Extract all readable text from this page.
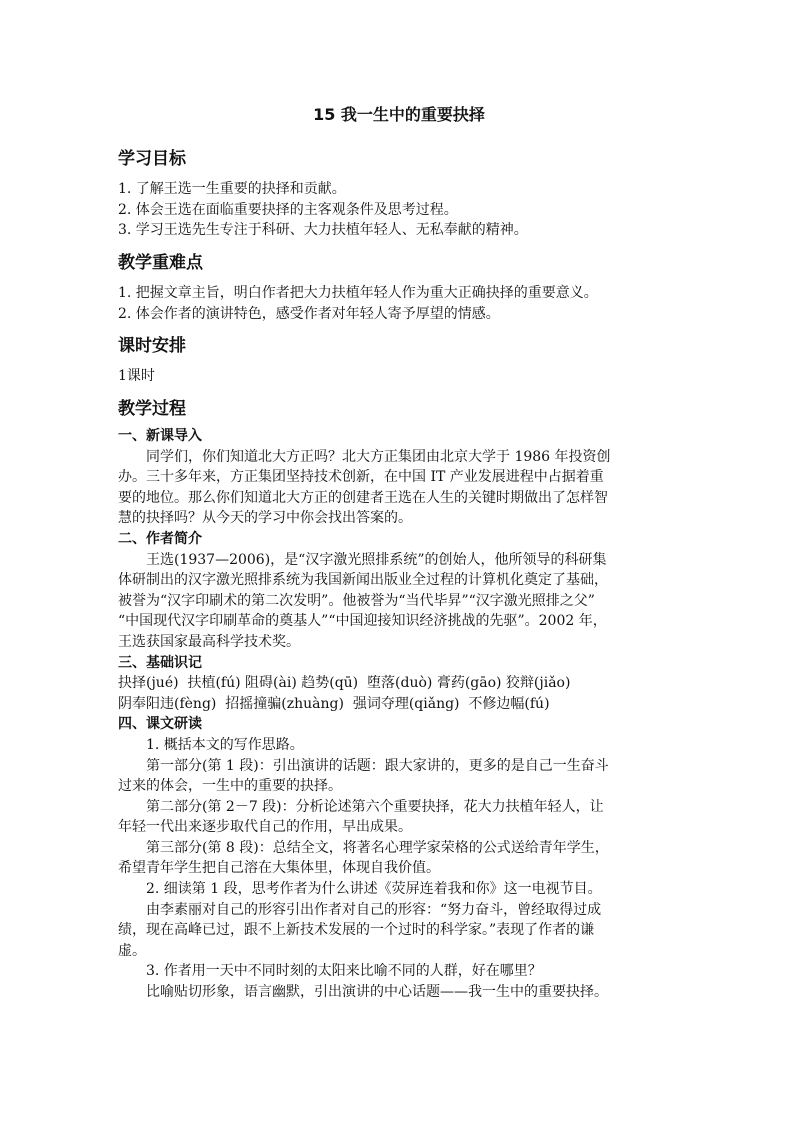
15 我一生中的重要抉择
学习目标
1. 了解王选一生重要的抉择和贡献。
2. 体会王选在面临重要抉择的主客观条件及思考过程。
3. 学习王选先生专注于科研、大力扶植年轻人、无私奉献的精神。
教学重难点
1. 把握文章主旨，明白作者把大力扶植年轻人作为重大正确抉择的重要意义。
2. 体会作者的演讲特色，感受作者对年轻人寄予厚望的情感。
课时安排
1课时
教学过程
一、新课导入
同学们，你们知道北大方正吗？北大方正集团由北京大学于 1986 年投资创
办。三十多年来，方正集团坚持技术创新，在中国 IT 产业发展进程中占据着重
要的地位。那么你们知道北大方正的创建者王选在人生的关键时期做出了怎样智
慧的抉择吗？从今天的学习中你会找出答案的。
二、作者简介
王选(1937—2006)，是“汉字激光照排系统”的创始人，他所领导的科研集
体研制出的汉字激光照排系统为我国新闻出版业全过程的计算机化奠定了基础，
被誉为“汉字印刷术的第二次发明”。他被誉为“当代毕昇”“汉字激光照排之父”
“中国现代汉字印刷革命的奠基人”“中国迎接知识经济挑战的先驱”。2002 年，
王选获国家最高科学技术奖。
三、基础识记
抉择(jué)  扶植(fú) 阻碍(ài) 趋势(qū)  堕落(duò) 膏药(gāo) 狡辩(jiǎo)
阴奉阳违(fèng)  招摇撞骗(zhuàng)  强词夺理(qiǎng)  不修边幅(fú)
四、课文研读
1. 概括本文的写作思路。
第一部分(第 1 段)：引出演讲的话题：跟大家讲的，更多的是自己一生奋斗
过来的体会，一生中的重要的抉择。
第二部分(第 2－7 段)：分析论述第六个重要抉择，花大力扶植年轻人，让
年轻一代出来逐步取代自己的作用，早出成果。
第三部分(第 8 段)：总结全文，将著名心理学家荣格的公式送给青年学生，
希望青年学生把自己溶在大集体里，体现自我价值。
2. 细读第 1 段，思考作者为什么讲述《荧屏连着我和你》这一电视节目。
由李素丽对自己的形容引出作者对自己的形容：“努力奋斗，曾经取得过成
绩，现在高峰已过，跟不上新技术发展的一个过时的科学家。”表现了作者的谦
虚。
3. 作者用一天中不同时刻的太阳来比喻不同的人群，好在哪里？
比喻贴切形象，语言幽默，引出演讲的中心话题——我一生中的重要抉择。
